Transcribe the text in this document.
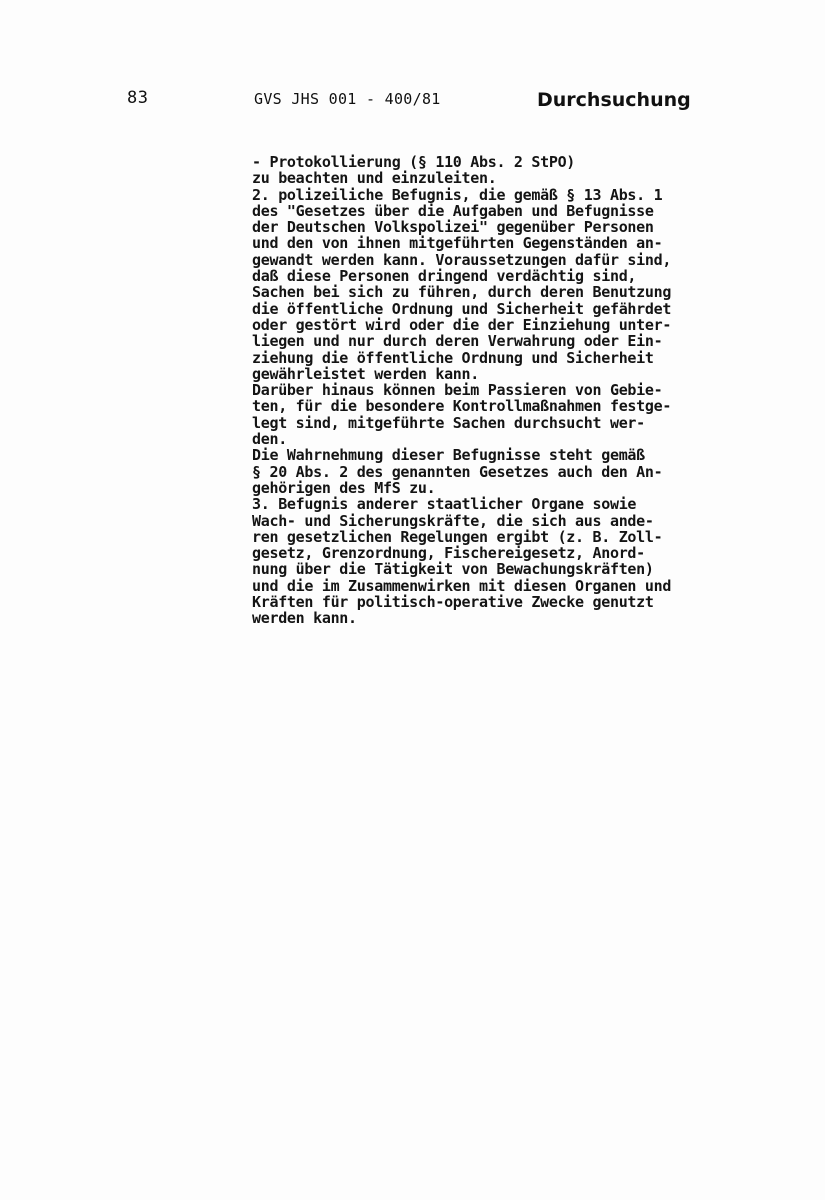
83	GVS JHS 001 - 400/81	Durchsuchung
- Protokollierung (§ 110 Abs. 2 StPO)
zu beachten und einzuleiten.
2. polizeiliche Befugnis, die gemäß § 13 Abs. 1
des "Gesetzes über die Aufgaben und Befugnisse
der Deutschen Volkspolizei" gegenüber Personen
und den von ihnen mitgeführten Gegenständen an-
gewandt werden kann. Voraussetzungen dafür sind,
daß diese Personen dringend verdächtig sind,
Sachen bei sich zu führen, durch deren Benutzung
die öffentliche Ordnung und Sicherheit gefährdet
oder gestört wird oder die der Einziehung unter-
liegen und nur durch deren Verwahrung oder Ein-
ziehung die öffentliche Ordnung und Sicherheit
gewährleistet werden kann.
Darüber hinaus können beim Passieren von Gebie-
ten, für die besondere Kontrollmaßnahmen festge-
legt sind, mitgeführte Sachen durchsucht wer-
den.
Die Wahrnehmung dieser Befugnisse steht gemäß
§ 20 Abs. 2 des genannten Gesetzes auch den An-
gehörigen des MfS zu.
3. Befugnis anderer staatlicher Organe sowie
Wach- und Sicherungskräfte, die sich aus ande-
ren gesetzlichen Regelungen ergibt (z. B. Zoll-
gesetz, Grenzordnung, Fischereigesetz, Anord-
nung über die Tätigkeit von Bewachungskräften)
und die im Zusammenwirken mit diesen Organen und
Kräften für politisch-operative Zwecke genutzt
werden kann.
